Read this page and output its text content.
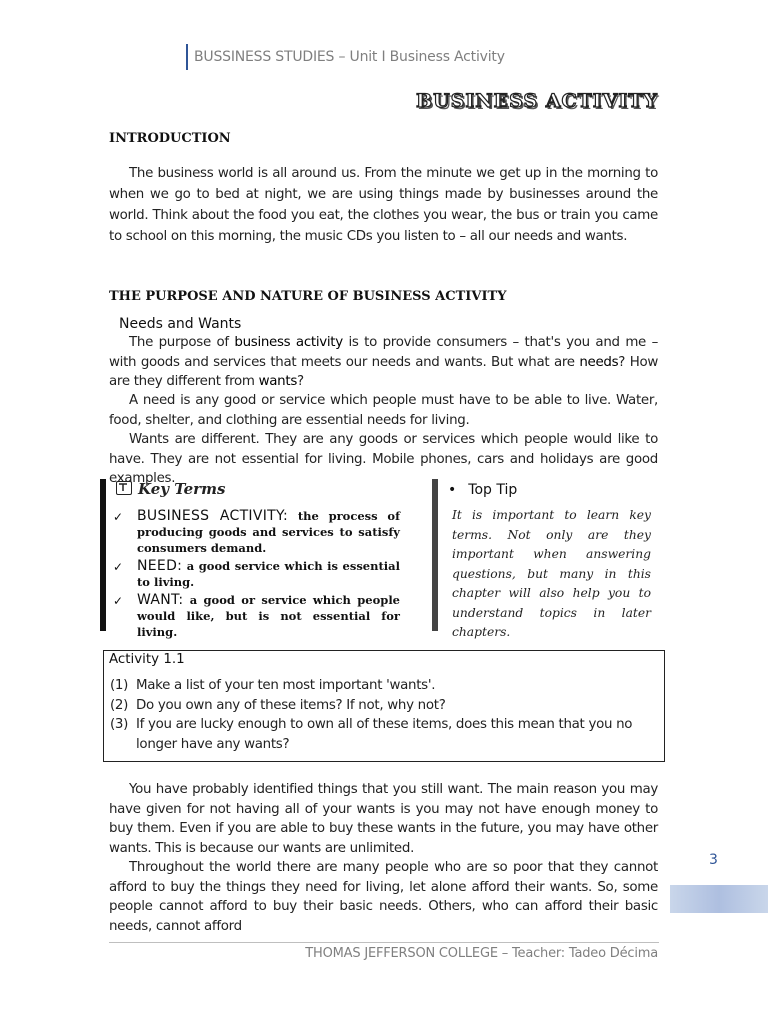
BUSSINESS STUDIES – Unit I Business Activity
BUSINESS ACTIVITY
INTRODUCTION
The business world is all around us. From the minute we get up in the morning to when we go to bed at night, we are using things made by businesses around the world. Think about the food you eat, the clothes you wear, the bus or train you came to school on this morning, the music CDs you listen to – all our needs and wants.
THE PURPOSE AND NATURE OF BUSINESS ACTIVITY
Needs and Wants
The purpose of business activity is to provide consumers – that's you and me – with goods and services that meets our needs and wants. But what are needs? How are they different from wants?
A need is any good or service which people must have to be able to live. Water, food, shelter, and clothing are essential needs for living.
Wants are different. They are any goods or services which people would like to have. They are not essential for living. Mobile phones, cars and holidays are good examples.
Key Terms
✓ BUSINESS ACTIVITY: the process of producing goods and services to satisfy consumers demand.
✓ NEED: a good service which is essential to living.
✓ WANT: a good or service which people would like, but is not essential for living.
• Top Tip
It is important to learn key terms. Not only are they important when answering questions, but many in this chapter will also help you to understand topics in later chapters.
Activity 1.1
(1) Make a list of your ten most important 'wants'.
(2) Do you own any of these items? If not, why not?
(3) If you are lucky enough to own all of these items, does this mean that you no longer have any wants?
You have probably identified things that you still want. The main reason you may have given for not having all of your wants is you may not have enough money to buy them. Even if you are able to buy these wants in the future, you may have other wants. This is because our wants are unlimited.
Throughout the world there are many people who are so poor that they cannot afford to buy the things they need for living, let alone afford their wants. So, some people cannot afford to buy their basic needs. Others, who can afford their basic needs, cannot afford
3
THOMAS JEFFERSON COLLEGE – Teacher: Tadeo Décima
